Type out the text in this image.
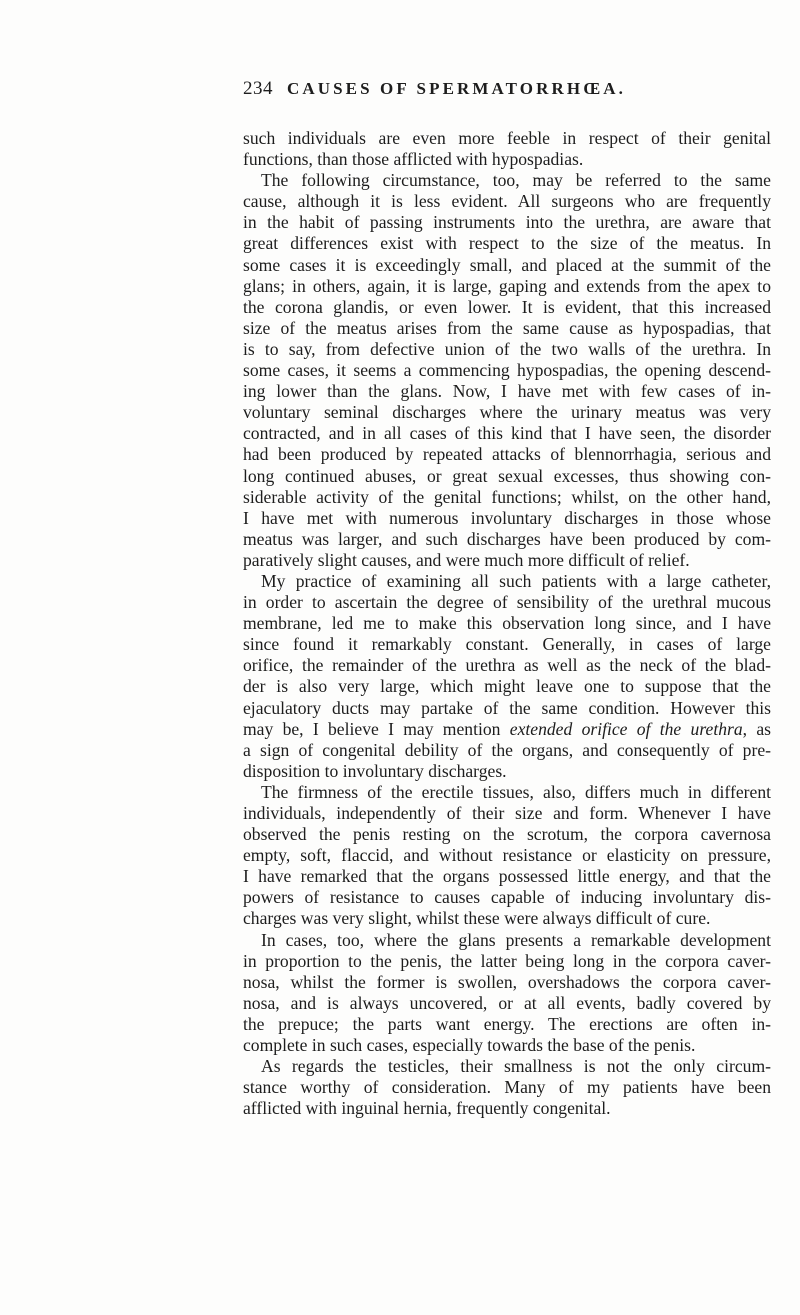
234 CAUSES OF SPERMATORRHŒA.
such individuals are even more feeble in respect of their genital
functions, than those afflicted with hypospadias.
The following circumstance, too, may be referred to the same
cause, although it is less evident. All surgeons who are frequently
in the habit of passing instruments into the urethra, are aware that
great differences exist with respect to the size of the meatus. In
some cases it is exceedingly small, and placed at the summit of the
glans; in others, again, it is large, gaping and extends from the apex to
the corona glandis, or even lower. It is evident, that this increased
size of the meatus arises from the same cause as hypospadias, that
is to say, from defective union of the two walls of the urethra. In
some cases, it seems a commencing hypospadias, the opening descend-
ing lower than the glans. Now, I have met with few cases of in-
voluntary seminal discharges where the urinary meatus was very
contracted, and in all cases of this kind that I have seen, the disorder
had been produced by repeated attacks of blennorrhagia, serious and
long continued abuses, or great sexual excesses, thus showing con-
siderable activity of the genital functions; whilst, on the other hand,
I have met with numerous involuntary discharges in those whose
meatus was larger, and such discharges have been produced by com-
paratively slight causes, and were much more difficult of relief.
My practice of examining all such patients with a large catheter,
in order to ascertain the degree of sensibility of the urethral mucous
membrane, led me to make this observation long since, and I have
since found it remarkably constant. Generally, in cases of large
orifice, the remainder of the urethra as well as the neck of the blad-
der is also very large, which might leave one to suppose that the
ejaculatory ducts may partake of the same condition. However this
may be, I believe I may mention extended orifice of the urethra, as
a sign of congenital debility of the organs, and consequently of pre-
disposition to involuntary discharges.
The firmness of the erectile tissues, also, differs much in different
individuals, independently of their size and form. Whenever I have
observed the penis resting on the scrotum, the corpora cavernosa
empty, soft, flaccid, and without resistance or elasticity on pressure,
I have remarked that the organs possessed little energy, and that the
powers of resistance to causes capable of inducing involuntary dis-
charges was very slight, whilst these were always difficult of cure.
In cases, too, where the glans presents a remarkable development
in proportion to the penis, the latter being long in the corpora caver-
nosa, whilst the former is swollen, overshadows the corpora caver-
nosa, and is always uncovered, or at all events, badly covered by
the prepuce; the parts want energy. The erections are often in-
complete in such cases, especially towards the base of the penis.
As regards the testicles, their smallness is not the only circum-
stance worthy of consideration. Many of my patients have been
afflicted with inguinal hernia, frequently congenital.
